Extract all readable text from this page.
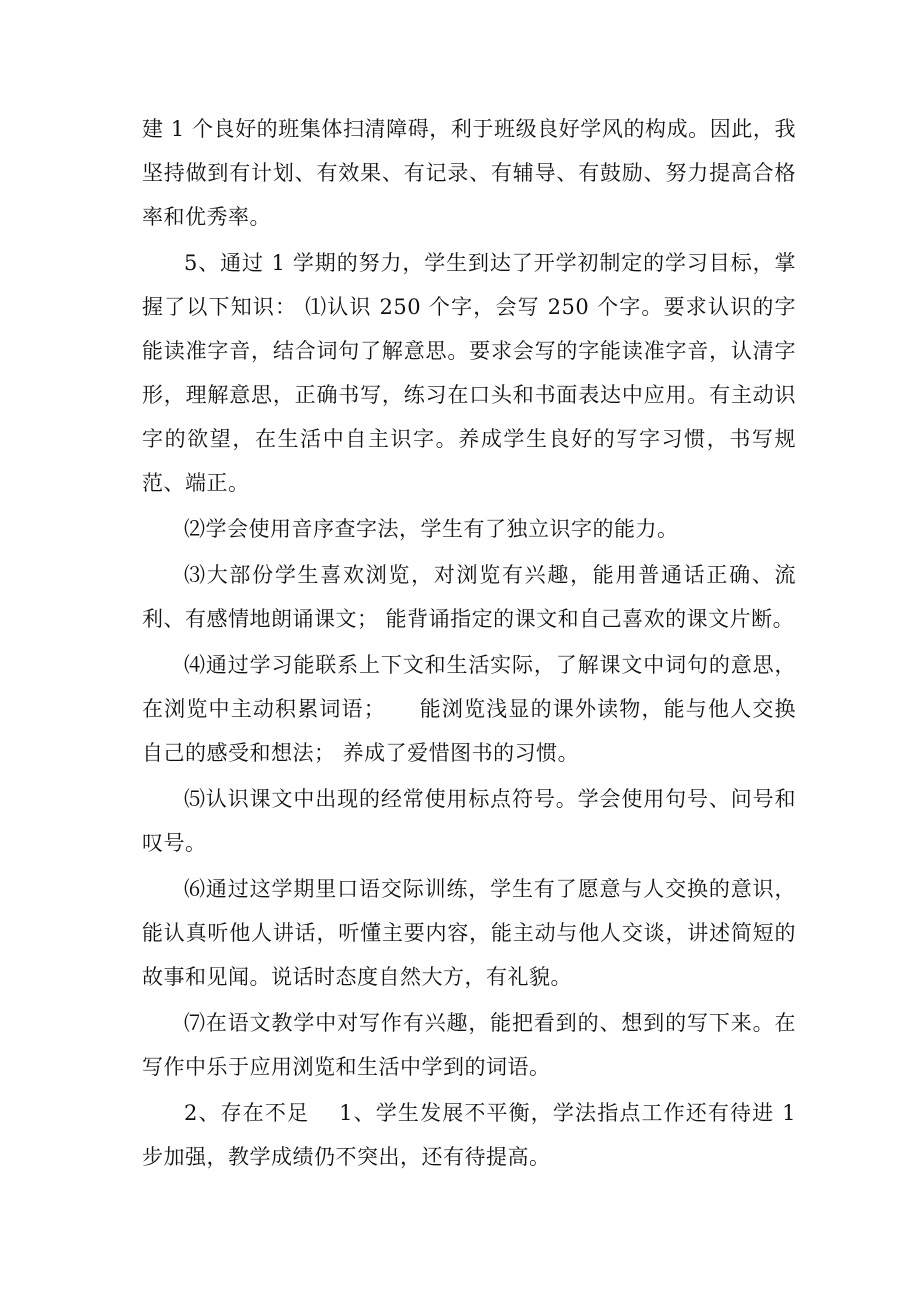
建 1 个良好的班集体扫清障碍，利于班级良好学风的构成。因此，我坚持做到有计划、有效果、有记录、有辅导、有鼓励、努力提高合格率和优秀率。

5、通过 1 学期的努力，学生到达了开学初制定的学习目标，掌握了以下知识： ⑴认识 250 个字，会写 250 个字。要求认识的字能读准字音，结合词句了解意思。要求会写的字能读准字音，认清字形，理解意思，正确书写，练习在口头和书面表达中应用。有主动识字的欲望，在生活中自主识字。养成学生良好的写字习惯，书写规范、端正。

⑵学会使用音序查字法，学生有了独立识字的能力。

⑶大部份学生喜欢浏览，对浏览有兴趣，能用普通话正确、流利、有感情地朗诵课文； 能背诵指定的课文和自己喜欢的课文片断。

⑷通过学习能联系上下文和生活实际，了解课文中词句的意思，在浏览中主动积累词语；　　能浏览浅显的课外读物，能与他人交换自己的感受和想法； 养成了爱惜图书的习惯。

⑸认识课文中出现的经常使用标点符号。学会使用句号、问号和叹号。

⑹通过这学期里口语交际训练，学生有了愿意与人交换的意识，能认真听他人讲话，听懂主要内容，能主动与他人交谈，讲述简短的故事和见闻。说话时态度自然大方，有礼貌。

⑺在语文教学中对写作有兴趣，能把看到的、想到的写下来。在写作中乐于应用浏览和生活中学到的词语。

2、存在不足　 1、学生发展不平衡，学法指点工作还有待进 1 步加强，教学成绩仍不突出，还有待提高。
